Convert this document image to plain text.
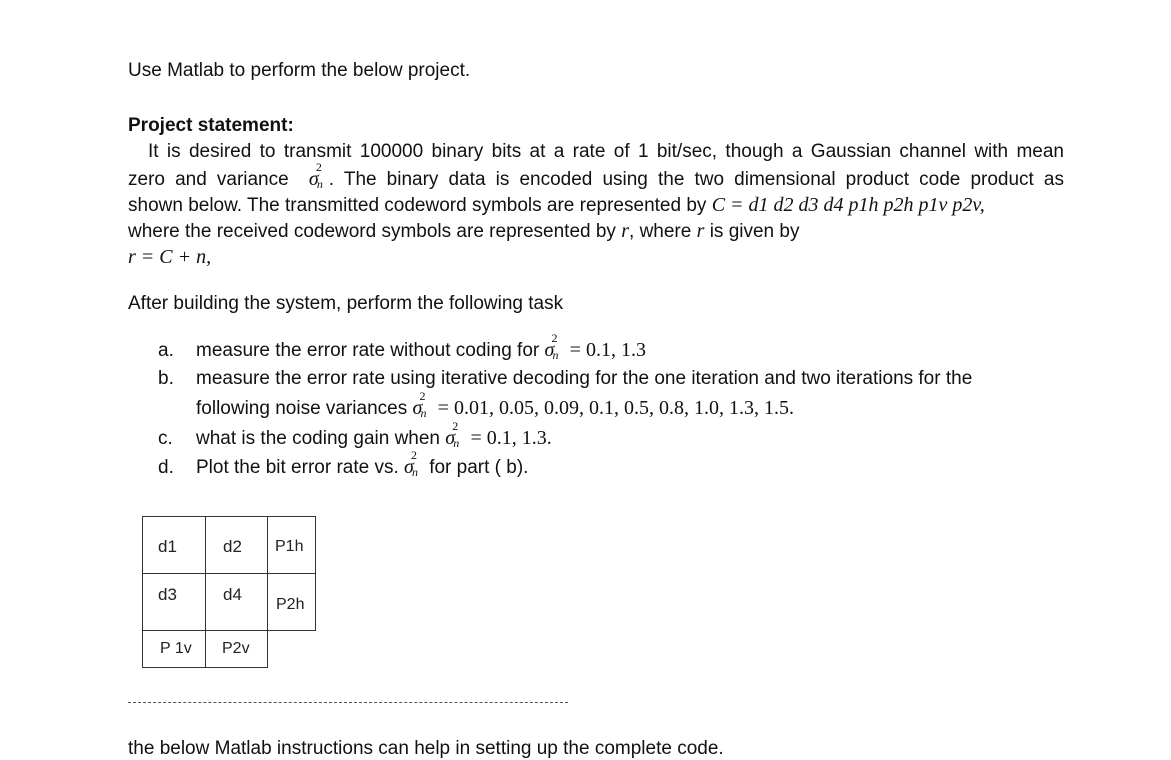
Use Matlab to perform the below project.
Project statement:
It is desired to transmit 100000 binary bits at a rate of 1 bit/sec, though a Gaussian channel with mean
zero and variance σ
2
n . The binary data is encoded using the two dimensional product code product as
shown below. The transmitted codeword symbols are represented by C = d1 d2 d3 d4 p1h p2h p1v p2v,
where the received codeword symbols are represented by r, where r is given by
r = C + n,
After building the system, perform the following task
a. measure the error rate without coding for σ
2
n = 0.1, 1.3
b. measure the error rate using iterative decoding for the one iteration and two iterations for the
following noise variances σ
2
n = 0.01, 0.05, 0.09, 0.1, 0.5, 0.8, 1.0, 1.3, 1.5.
c. what is the coding gain when σ
2
n = 0.1, 1.3.
d. Plot the bit error rate vs. σ
2
n for part ( b).
d1	d2 P1h
d3	d4
P2h
P 1v P2v
the below Matlab instructions can help in setting up the complete code.
